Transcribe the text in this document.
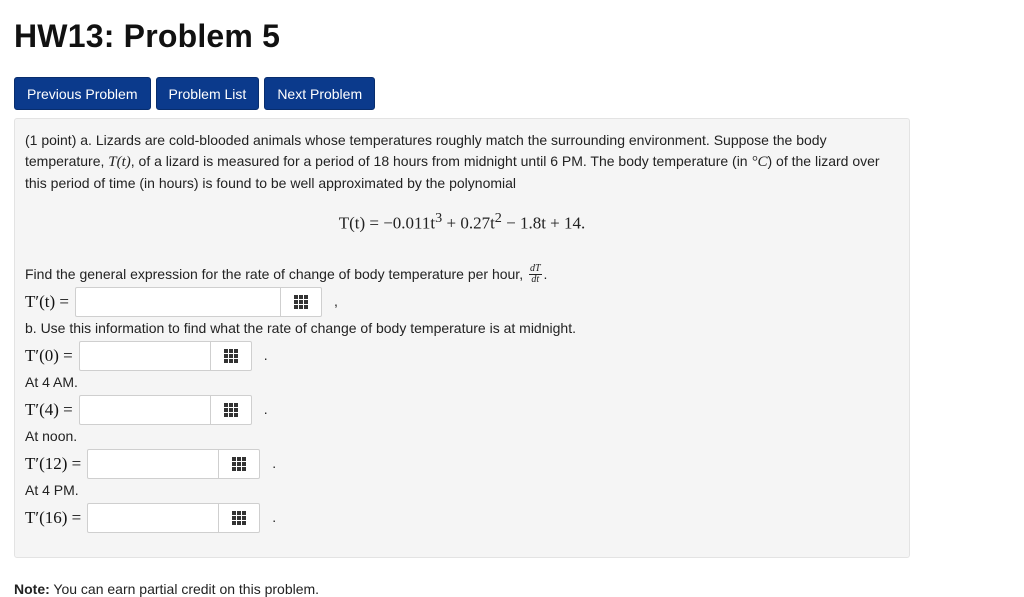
HW13: Problem 5
Previous Problem	Problem List	Next Problem

(1 point) a. Lizards are cold-blooded animals whose temperatures roughly match the surrounding environment. Suppose the body temperature, T(t), of a lizard is measured for a period of 18 hours from midnight until 6 PM. The body temperature (in °C) of the lizard over this period of time (in hours) is found to be well approximated by the polynomial

$T(t) = -0.011t^3 + 0.27t^2 - 1.8t + 14$.

Find the general expression for the rate of change of body temperature per hour, $\frac{dT}{dt}$ .

T′(t) =	,

b. Use this information to find what the rate of change of body temperature is at midnight.

T′(0) =	.

At 4 AM.

T′(4) =	.

At noon.

T′(12) =	.

At 4 PM.

T′(16) =	.

Note: You can earn partial credit on this problem.
